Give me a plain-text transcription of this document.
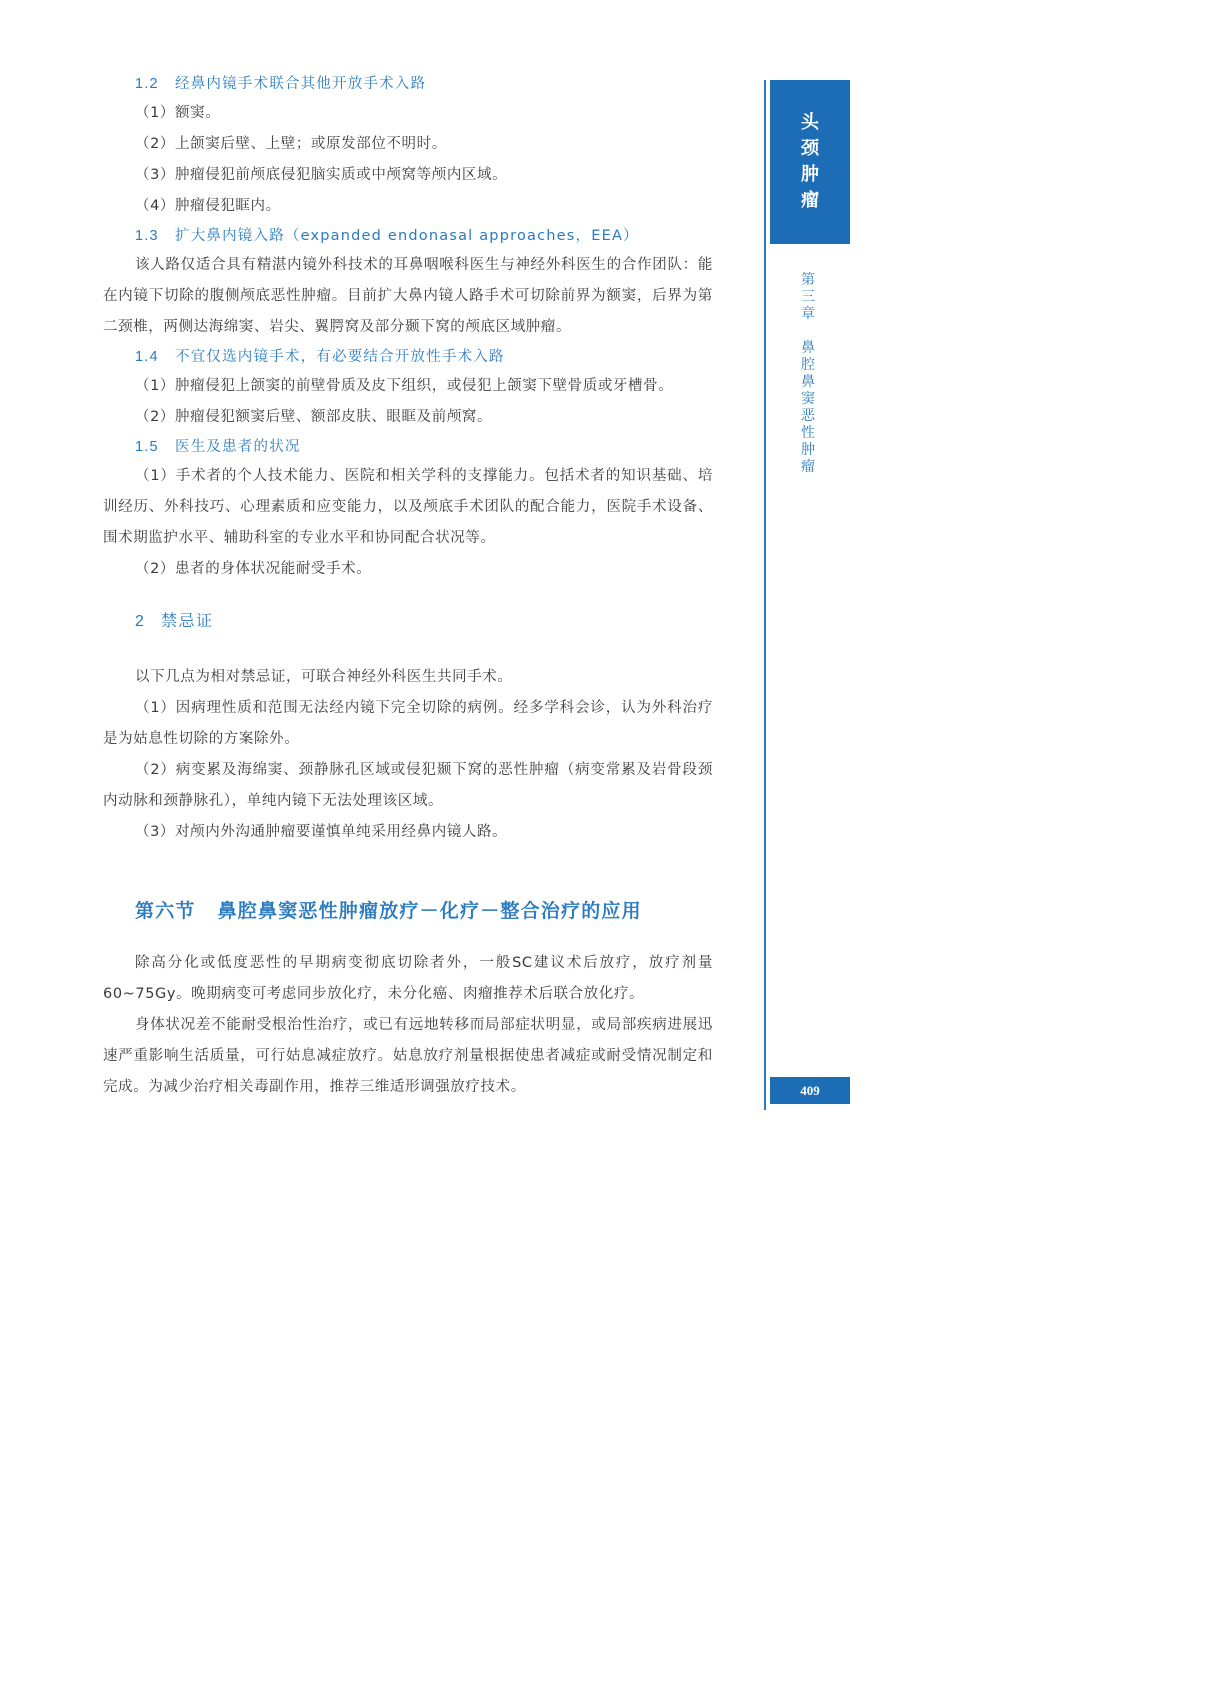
1.2 经鼻内镜手术联合其他开放手术入路

（1）额窦。

（2）上颌窦后壁、上壁；或原发部位不明时。

（3）肿瘤侵犯前颅底侵犯脑实质或中颅窝等颅内区域。

（4）肿瘤侵犯眶内。

1.3 扩大鼻内镜入路（expanded endonasal approaches，EEA）

该人路仅适合具有精湛内镜外科技术的耳鼻咽喉科医生与神经外科医生的合作团队：能在内镜下切除的腹侧颅底恶性肿瘤。目前扩大鼻内镜人路手术可切除前界为额窦，后界为第二颈椎，两侧达海绵窦、岩尖、翼腭窝及部分颞下窝的颅底区域肿瘤。

1.4 不宜仅选内镜手术，有必要结合开放性手术入路

（1）肿瘤侵犯上颌窦的前壁骨质及皮下组织，或侵犯上颌窦下壁骨质或牙槽骨。

（2）肿瘤侵犯额窦后壁、额部皮肤、眼眶及前颅窝。

1.5 医生及患者的状况

（1）手术者的个人技术能力、医院和相关学科的支撑能力。包括术者的知识基础、培训经历、外科技巧、心理素质和应变能力，以及颅底手术团队的配合能力，医院手术设备、围术期监护水平、辅助科室的专业水平和协同配合状况等。

（2）患者的身体状况能耐受手术。

2 禁忌证

以下几点为相对禁忌证，可联合神经外科医生共同手术。

（1）因病理性质和范围无法经内镜下完全切除的病例。经多学科会诊，认为外科治疗是为姑息性切除的方案除外。

（2）病变累及海绵窦、颈静脉孔区域或侵犯颞下窝的恶性肿瘤（病变常累及岩骨段颈内动脉和颈静脉孔），单纯内镜下无法处理该区域。

（3）对颅内外沟通肿瘤要谨慎单纯采用经鼻内镜人路。

第六节 鼻腔鼻窦恶性肿瘤放疗－化疗－整合治疗的应用

除高分化或低度恶性的早期病变彻底切除者外，一般SC建议术后放疗，放疗剂量60~75Gy。晚期病变可考虑同步放化疗，未分化癌、肉瘤推荐术后联合放化疗。

身体状况差不能耐受根治性治疗，或已有远地转移而局部症状明显，或局部疾病进展迅速严重影响生活质量，可行姑息减症放疗。姑息放疗剂量根据使患者减症或耐受情况制定和完成。为减少治疗相关毒副作用，推荐三维适形调强放疗技术。

头
颈
肿
瘤
第三章
鼻腔鼻窦恶性肿瘤
409
